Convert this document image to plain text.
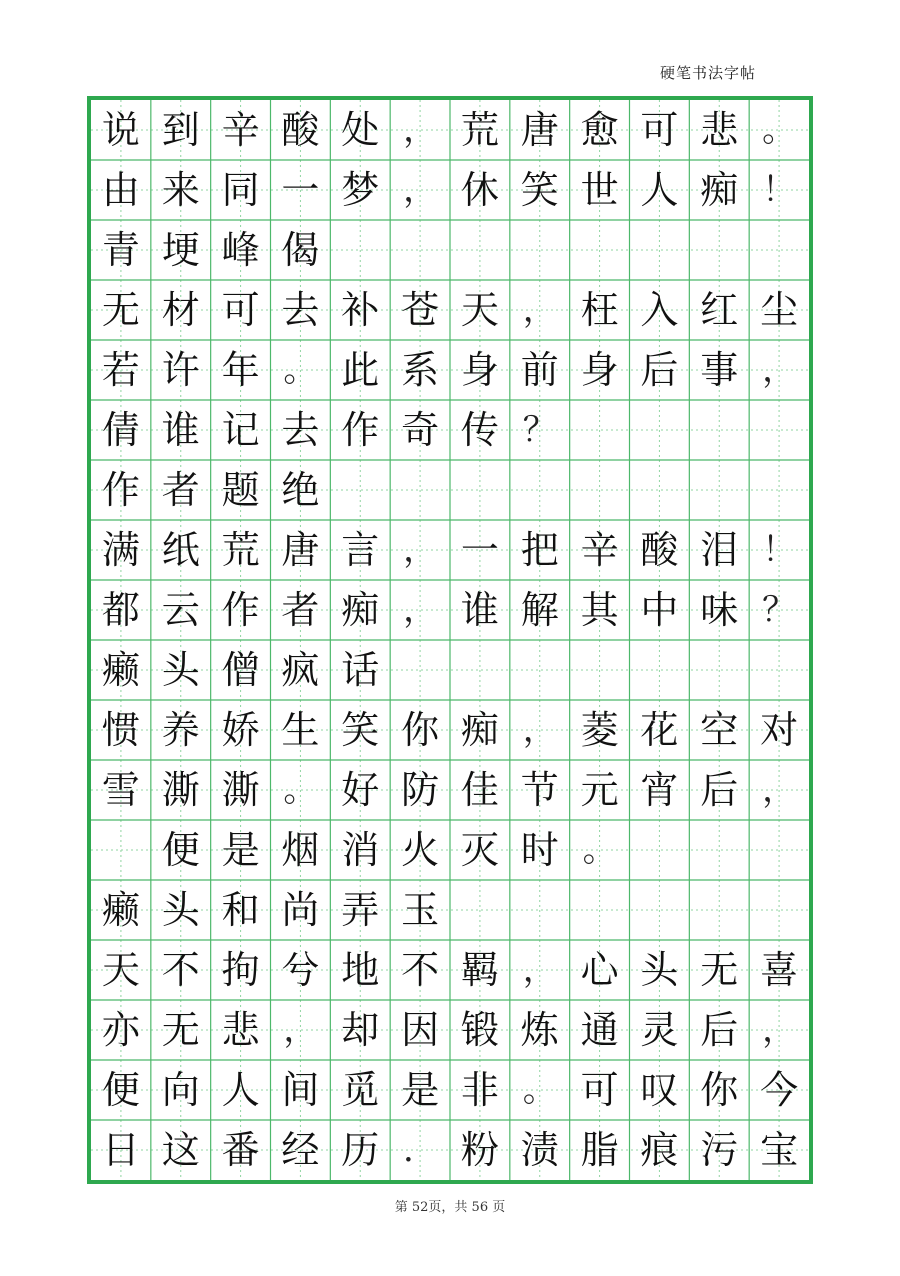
硬笔书法字帖
说 到 辛 酸 处 ， 荒 唐 愈 可 悲 。
由 来 同 一 梦 ， 休 笑 世 人 痴 ！
青 埂 峰 偈
无 材 可 去 补 苍 天 ， 枉 入 红 尘
若 许 年 。 此 系 身 前 身 后 事 ，
倩 谁 记 去 作 奇 传 ？
作 者 题 绝
满 纸 荒 唐 言 ， 一 把 辛 酸 泪 ！
都 云 作 者 痴 ， 谁 解 其 中 味 ？
癞 头 僧 疯 话
惯 养 娇 生 笑 你 痴 ， 菱 花 空 对
雪 澌 澌 。 好 防 佳 节 元 宵 后 ，
便 是 烟 消 火 灭 时 。
癞 头 和 尚 弄 玉
天 不 拘 兮 地 不 羁 ， 心 头 无 喜
亦 无 悲 ， 却 因 锻 炼 通 灵 后 ，
便 向 人 间 觅 是 非 。 可 叹 你 今
日 这 番 经 历 ． 粉 渍 脂 痕 污 宝
第 52页，共 56 页
